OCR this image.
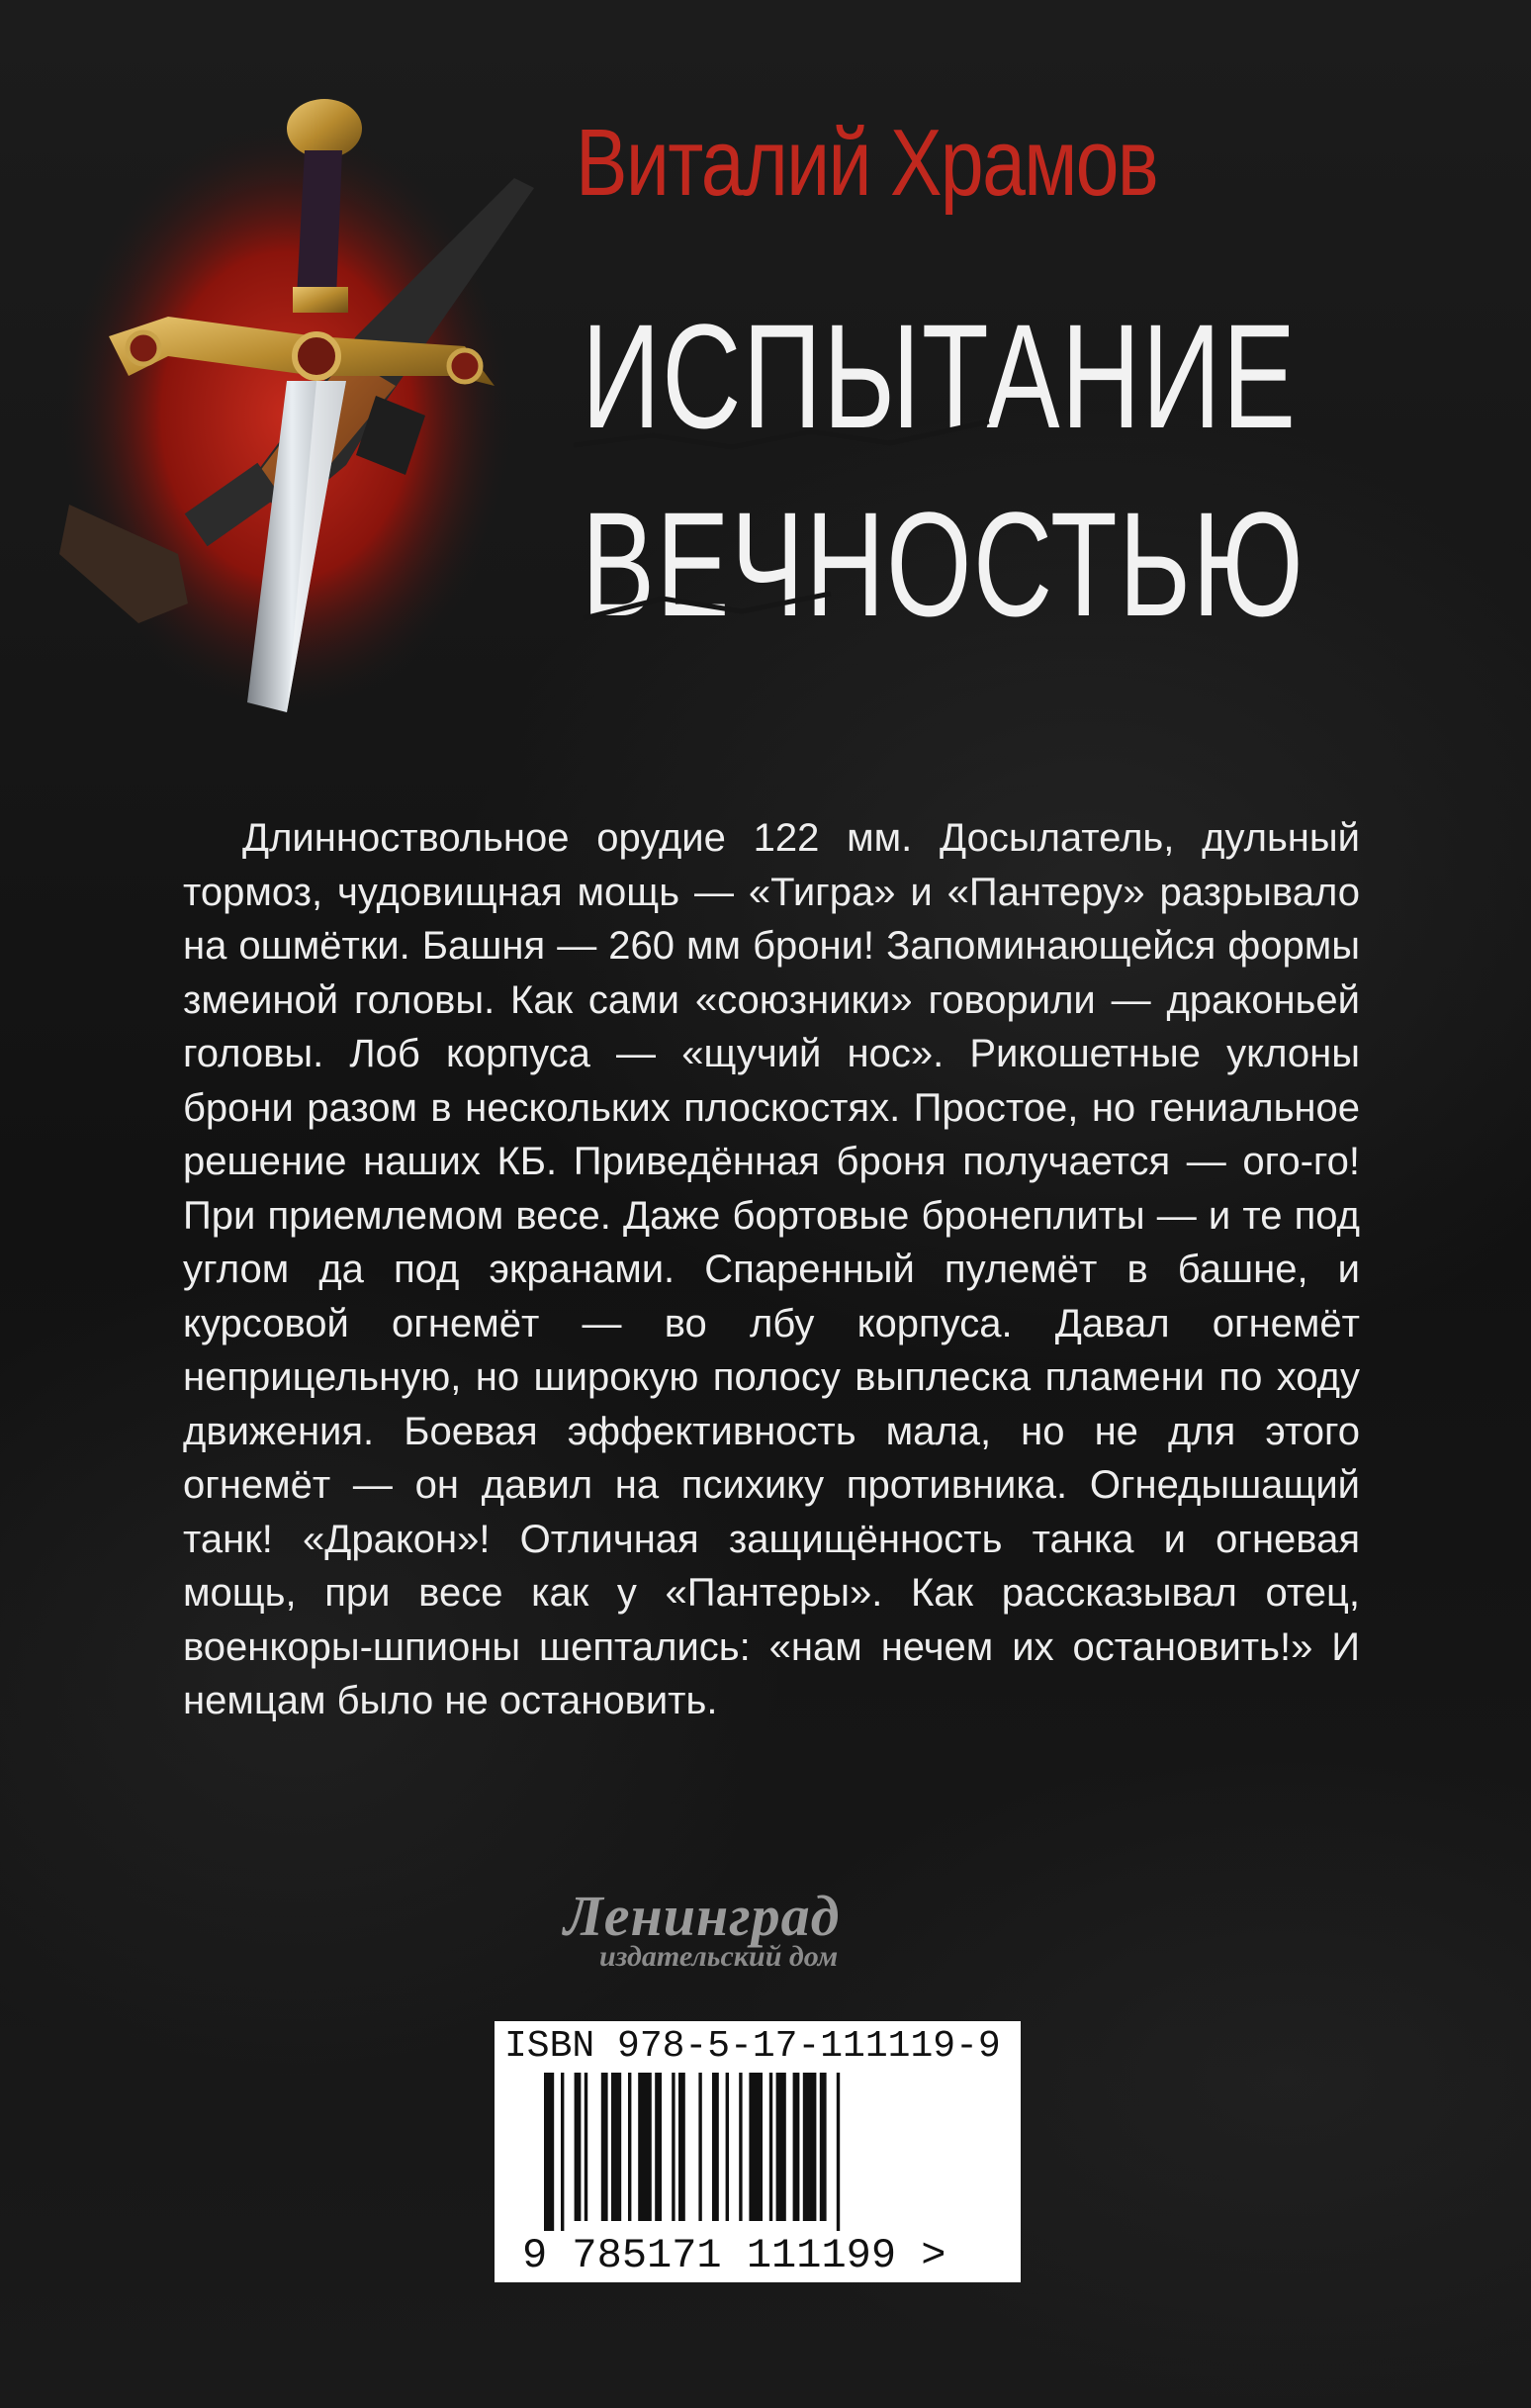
Виталий Храмов
ИСПЫТАНИЕ
ВЕЧНОСТЬЮ

Длинноствольное орудие 122 мм. Досылатель, дульный тормоз, чудовищная мощь — «Тигра» и «Пантеру» разрывало на ошмётки. Башня — 260 мм брони! Запоминающейся формы змеиной головы. Как сами «союзники» говорили — драконьей головы. Лоб корпуса — «щучий нос». Рикошетные уклоны брони разом в нескольких плоскостях. Простое, но гениальное решение наших КБ. Приведённая броня получается — ого-го! При приемлемом весе. Даже бортовые бронеплиты — и те под углом да под экранами. Спаренный пулемёт в башне, и курсовой огнемёт — во лбу корпуса. Давал огнемёт неприцельную, но широкую полосу выплеска пламени по ходу движения. Боевая эффективность мала, но не для этого огнемёт — он давил на психику противника. Огнедышащий танк! «Дракон»! Отличная защищённость танка и огневая мощь, при весе как у «Пантеры». Как рассказывал отец, военкоры-шпионы шептались: «нам нечем их остановить!» И немцам было не остановить.

Ленинград
издательский дом
ISBN 978-5-17-111119-9
9 785171 111199 >
